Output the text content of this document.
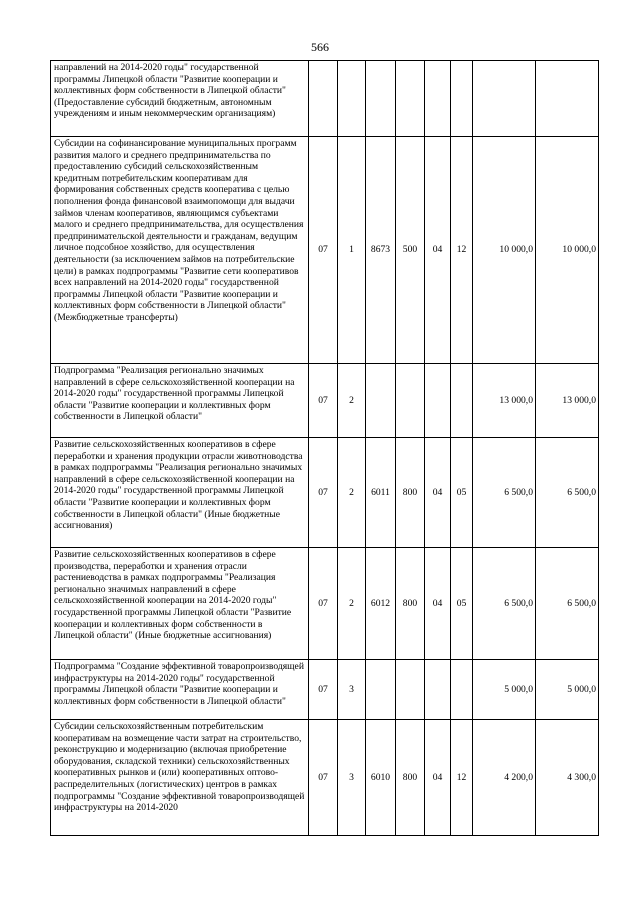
566
направлений на 2014-2020 годы" государственной программы Липецкой области "Развитие кооперации и коллективных форм собственности в Липецкой области" (Предоставление субсидий бюджетным, автономным учреждениям и иным некоммерческим организациям)								
Субсидии на софинансирование муниципальных программ развития малого и среднего предпринимательства по предоставлению субсидий сельскохозяйственным кредитным потребительским кооперативам для формирования собственных средств кооператива с целью пополнения фонда финансовой взаимопомощи для выдачи займов членам кооперативов, являющимся субъектами малого и среднего предпринимательства, для осуществления предпринимательской деятельности и гражданам, ведущим личное подсобное хозяйство, для осуществления деятельности (за исключением займов на потребительские цели) в рамках подпрограммы "Развитие сети кооперативов всех направлений на 2014-2020 годы" государственной программы Липецкой области "Развитие кооперации и коллективных форм собственности в Липецкой области" (Межбюджетные трансферты)	07	1	8673	500	04	12	10 000,0	10 000,0
Подпрограмма "Реализация регионально значимых направлений в сфере сельскохозяйственной кооперации на 2014-2020 годы" государственной программы Липецкой области "Развитие кооперации и коллективных форм собственности в Липецкой области"	07	2					13 000,0	13 000,0
Развитие сельскохозяйственных кооперативов в сфере переработки и хранения продукции отрасли животноводства в рамках подпрограммы "Реализация регионально значимых направлений в сфере сельскохозяйственной кооперации на 2014-2020 годы" государственной программы Липецкой области "Развитие кооперации и коллективных форм собственности в Липецкой области" (Иные бюджетные ассигнования)	07	2	6011	800	04	05	6 500,0	6 500,0
Развитие сельскохозяйственных кооперативов в сфере производства, переработки и хранения отрасли растениеводства в рамках подпрограммы "Реализация регионально значимых направлений в сфере сельскохозяйственной кооперации на 2014-2020 годы" государственной программы Липецкой области "Развитие кооперации и коллективных форм собственности в Липецкой области" (Иные бюджетные ассигнования)	07	2	6012	800	04	05	6 500,0	6 500,0
Подпрограмма "Создание эффективной товаропроизводящей инфраструктуры на 2014-2020 годы" государственной программы Липецкой области "Развитие кооперации и коллективных форм собственности в Липецкой области"	07	3					5 000,0	5 000,0
Субсидии сельскохозяйственным потребительским кооперативам на возмещение части затрат на строительство, реконструкцию и модернизацию (включая приобретение оборудования, складской техники) сельскохозяйственных кооперативных рынков и (или) кооперативных оптово-распределительных (логистических) центров в рамках подпрограммы "Создание эффективной товаропроизводящей инфраструктуры на 2014-2020	07	3	6010	800	04	12	4 200,0	4 300,0
